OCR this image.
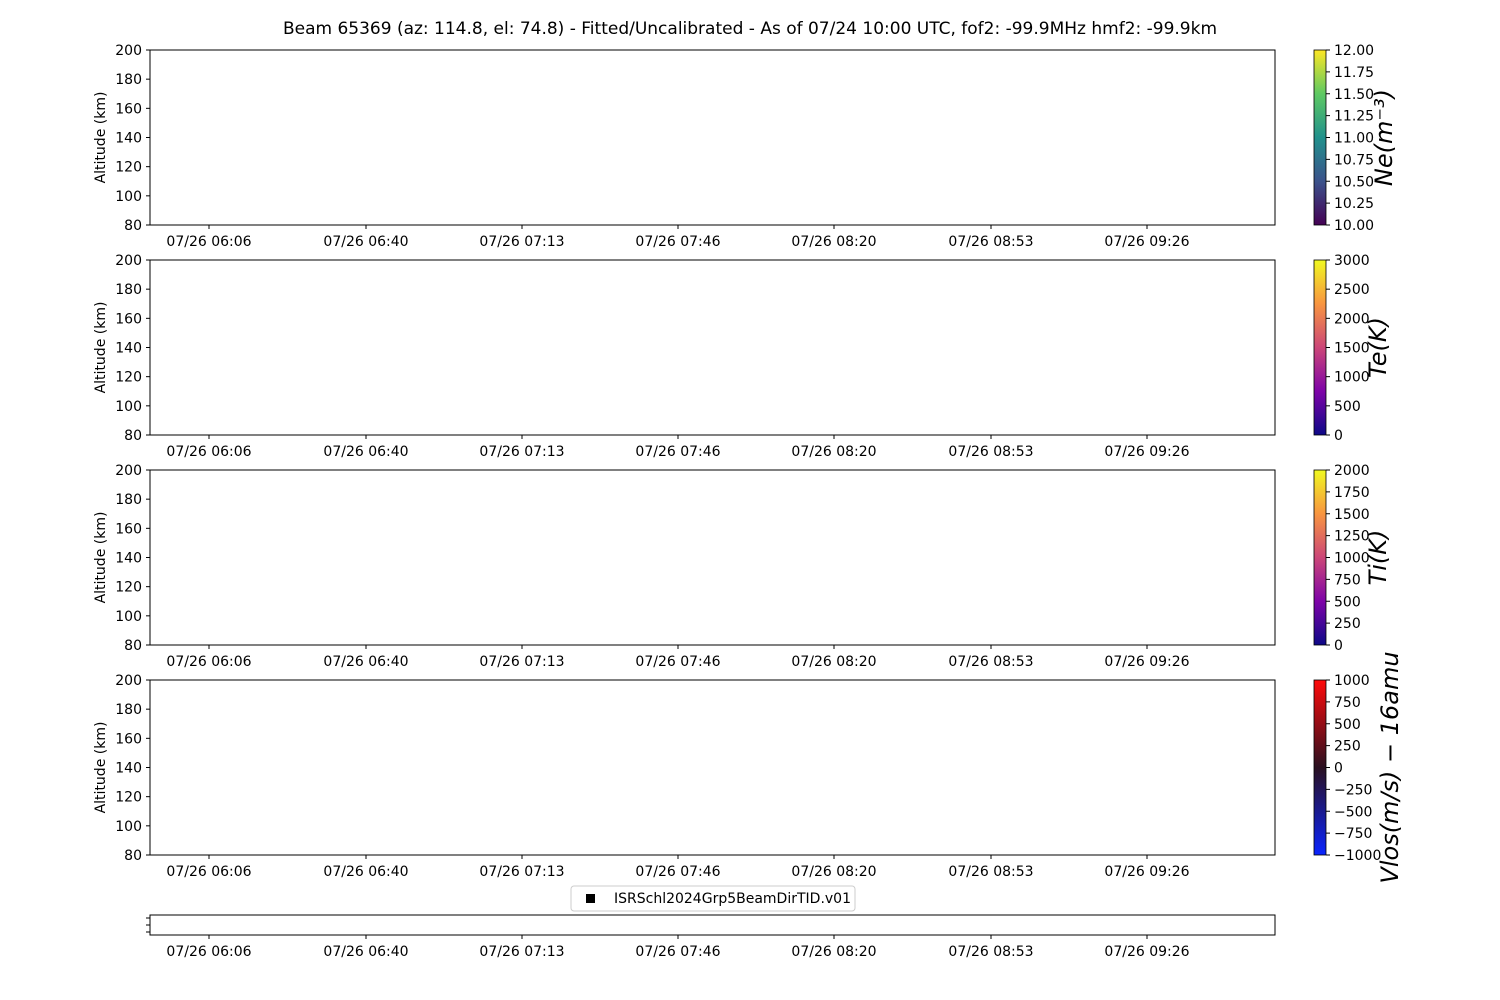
Beam 65369 (az: 114.8, el: 74.8) - Fitted/Uncalibrated - As of 07/24 10:00 UTC, fof2: -99.9MHz hmf2: -99.9km
80
100
120
140
160
180
200
Altitude (km)
07/26 06:06	07/26 06:40	07/26 07:13	07/26 07:46	07/26 08:20	07/26 08:53	07/26 09:26
10.00
10.25
10.50
10.75
11.00
11.25
11.50
11.75
12.00
Ne(m⁻³)
80
100
120
140
160
180
200
Altitude (km)
07/26 06:06	07/26 06:40	07/26 07:13	07/26 07:46	07/26 08:20	07/26 08:53	07/26 09:26
0
500
1000
1500
2000
2500
3000
Te(K)
80
100
120
140
160
180
200
Altitude (km)
07/26 06:06	07/26 06:40	07/26 07:13	07/26 07:46	07/26 08:20	07/26 08:53	07/26 09:26
0
250
500
750
1000
1250
1500
1750
2000
Ti(K)
80
100
120
140
160
180
200
Altitude (km)
07/26 06:06	07/26 06:40	07/26 07:13	07/26 07:46	07/26 08:20	07/26 08:53	07/26 09:26
−1000
−750
−500
−250
0
250
500
750
1000 Vlos(m/s) − 16amu
07/26 06:06	07/26 06:40	07/26 07:13	07/26 07:46	07/26 08:20	07/26 08:53	07/26 09:26
ISRSchl2024Grp5BeamDirTID.v01
